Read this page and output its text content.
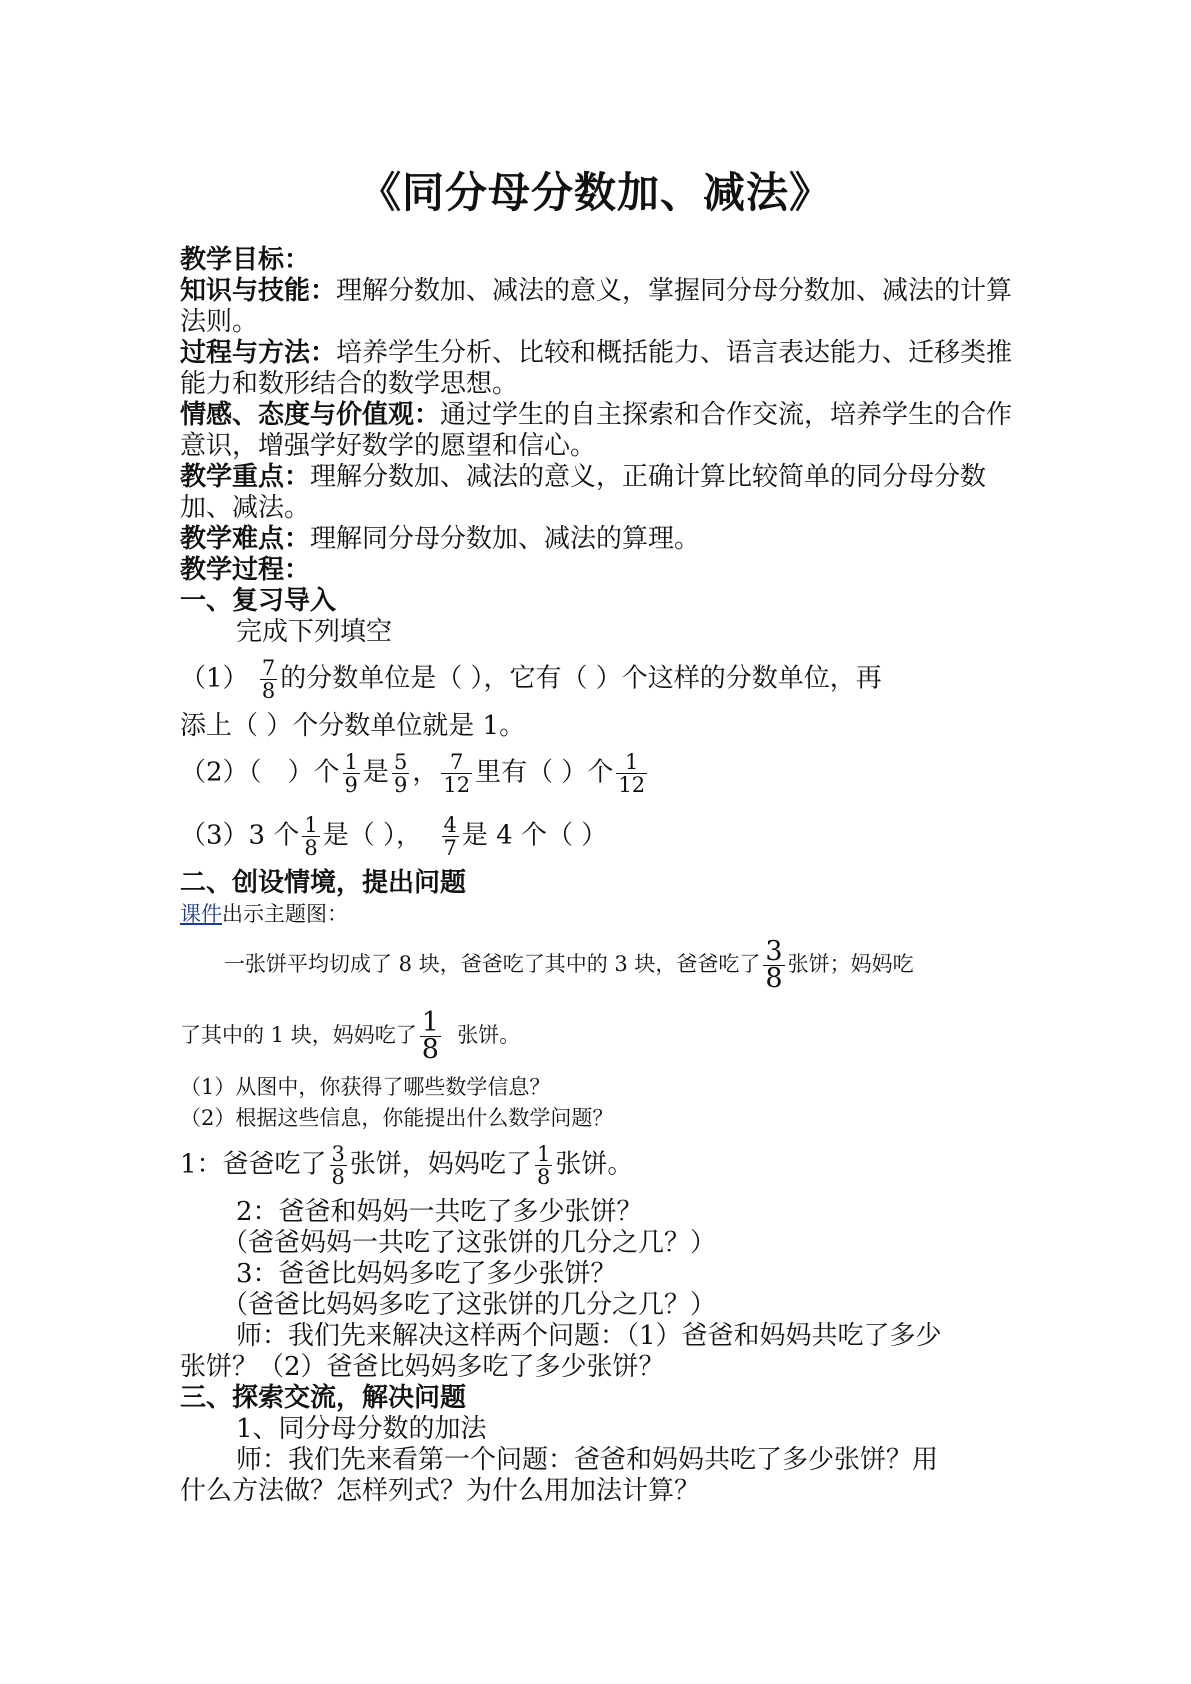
《同分母分数加、减法》
教学目标：
知识与技能：理解分数加、减法的意义，掌握同分母分数加、减法的计算法则。
过程与方法：培养学生分析、比较和概括能力、语言表达能力、迁移类推能力和数形结合的数学思想。
情感、态度与价值观：通过学生的自主探索和合作交流，培养学生的合作意识，增强学好数学的愿望和信心。
教学重点：理解分数加、减法的意义，正确计算比较简单的同分母分数加、减法。
教学难点：理解同分母分数加、减法的算理。
教学过程：
一、复习导入
完成下列填空
$(1) \frac{7}{8}$ 的分数单位是（ ），它有（ ）个这样的分数单位，再
添上（ ）个分数单位就是 1。
（2）（　）个 $\frac{1}{9}$ 是 $\frac{5}{9}$ ， $\frac{7}{12}$ 里有（ ）个 $\frac{1}{12}$
（3）3 个 $\frac{1}{8}$ 是（ ）， $\frac{4}{7}$ 是 4 个（ ）
二、创设情境，提出问题
课件出示主题图：
一张饼平均切成了 8 块，爸爸吃了其中的 3 块，爸爸吃了 $\frac{3}{8}$ 张饼；妈妈吃
了其中的 1 块，妈妈吃了 $\frac{1}{8}$ 张饼。
（1）从图中，你获得了哪些数学信息？
（2）根据这些信息，你能提出什么数学问题？
1：爸爸吃了 $\frac{3}{8}$ 张饼，妈妈吃了 $\frac{1}{8}$ 张饼。
2：爸爸和妈妈一共吃了多少张饼？
（爸爸妈妈一共吃了这张饼的几分之几？）
3：爸爸比妈妈多吃了多少张饼？
（爸爸比妈妈多吃了这张饼的几分之几？）
师：我们先来解决这样两个问题：（1）爸爸和妈妈共吃了多少
张饼？（2）爸爸比妈妈多吃了多少张饼？
三、探索交流，解决问题
1、同分母分数的加法
师：我们先来看第一个问题：爸爸和妈妈共吃了多少张饼？用
什么方法做？怎样列式？为什么用加法计算？
